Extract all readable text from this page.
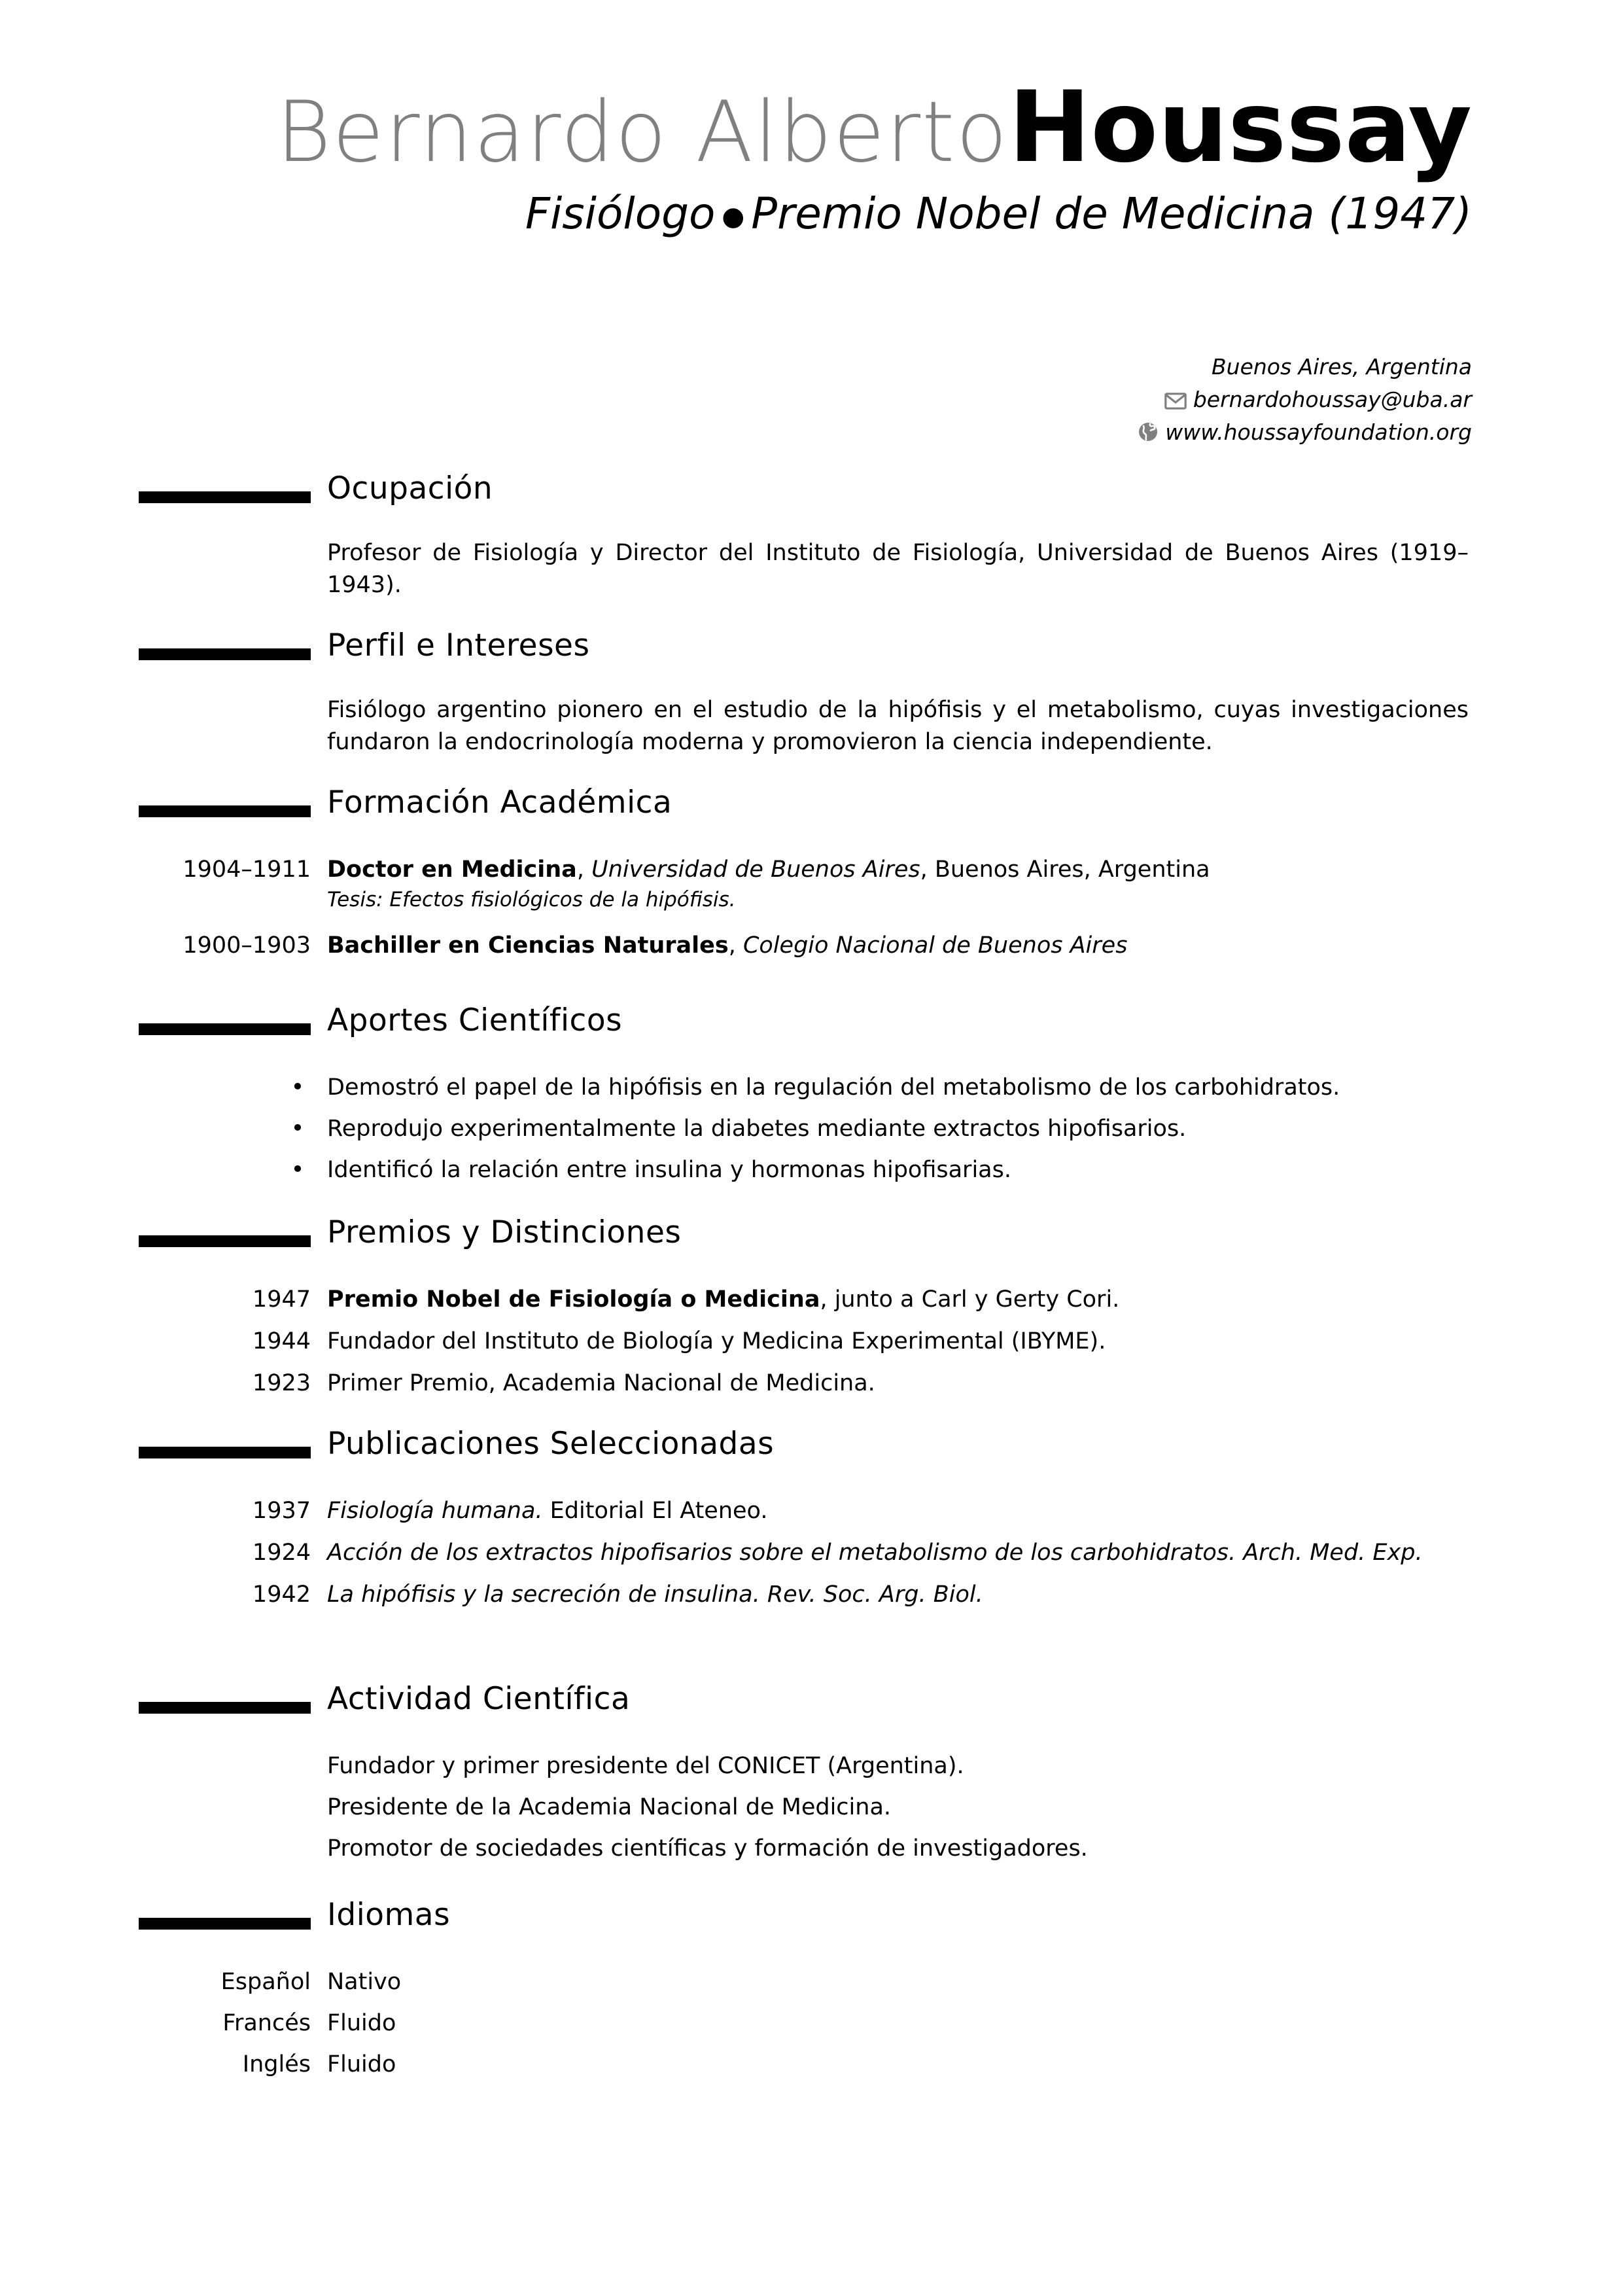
Bernardo AlbertoHoussay
Fisiólogo ● Premio Nobel de Medicina (1947)
Buenos Aires, Argentina
bernardohoussay@uba.ar
www.houssayfoundation.org
Ocupación
Profesor de Fisiología y Director del Instituto de Fisiología, Universidad de Buenos Aires (1919–1943).
Perfil e Intereses
Fisiólogo argentino pionero en el estudio de la hipófisis y el metabolismo, cuyas investigaciones fundaron la endocrinología moderna y promovieron la ciencia independiente.
Formación Académica
1904–1911 Doctor en Medicina, Universidad de Buenos Aires, Buenos Aires, Argentina
Tesis: Efectos fisiológicos de la hipófisis.
1900–1903 Bachiller en Ciencias Naturales, Colegio Nacional de Buenos Aires
Aportes Científicos
• Demostró el papel de la hipófisis en la regulación del metabolismo de los carbohidratos.
• Reprodujo experimentalmente la diabetes mediante extractos hipofisarios.
• Identificó la relación entre insulina y hormonas hipofisarias.
Premios y Distinciones
1947 Premio Nobel de Fisiología o Medicina, junto a Carl y Gerty Cori.
1944 Fundador del Instituto de Biología y Medicina Experimental (IBYME).
1923 Primer Premio, Academia Nacional de Medicina.
Publicaciones Seleccionadas
1937 Fisiología humana. Editorial El Ateneo.
1924 Acción de los extractos hipofisarios sobre el metabolismo de los carbohidratos. Arch. Med. Exp.
1942 La hipófisis y la secreción de insulina. Rev. Soc. Arg. Biol.
Actividad Científica
Fundador y primer presidente del CONICET (Argentina).
Presidente de la Academia Nacional de Medicina.
Promotor de sociedades científicas y formación de investigadores.
Idiomas
Español Nativo
Francés Fluido
Inglés Fluido
